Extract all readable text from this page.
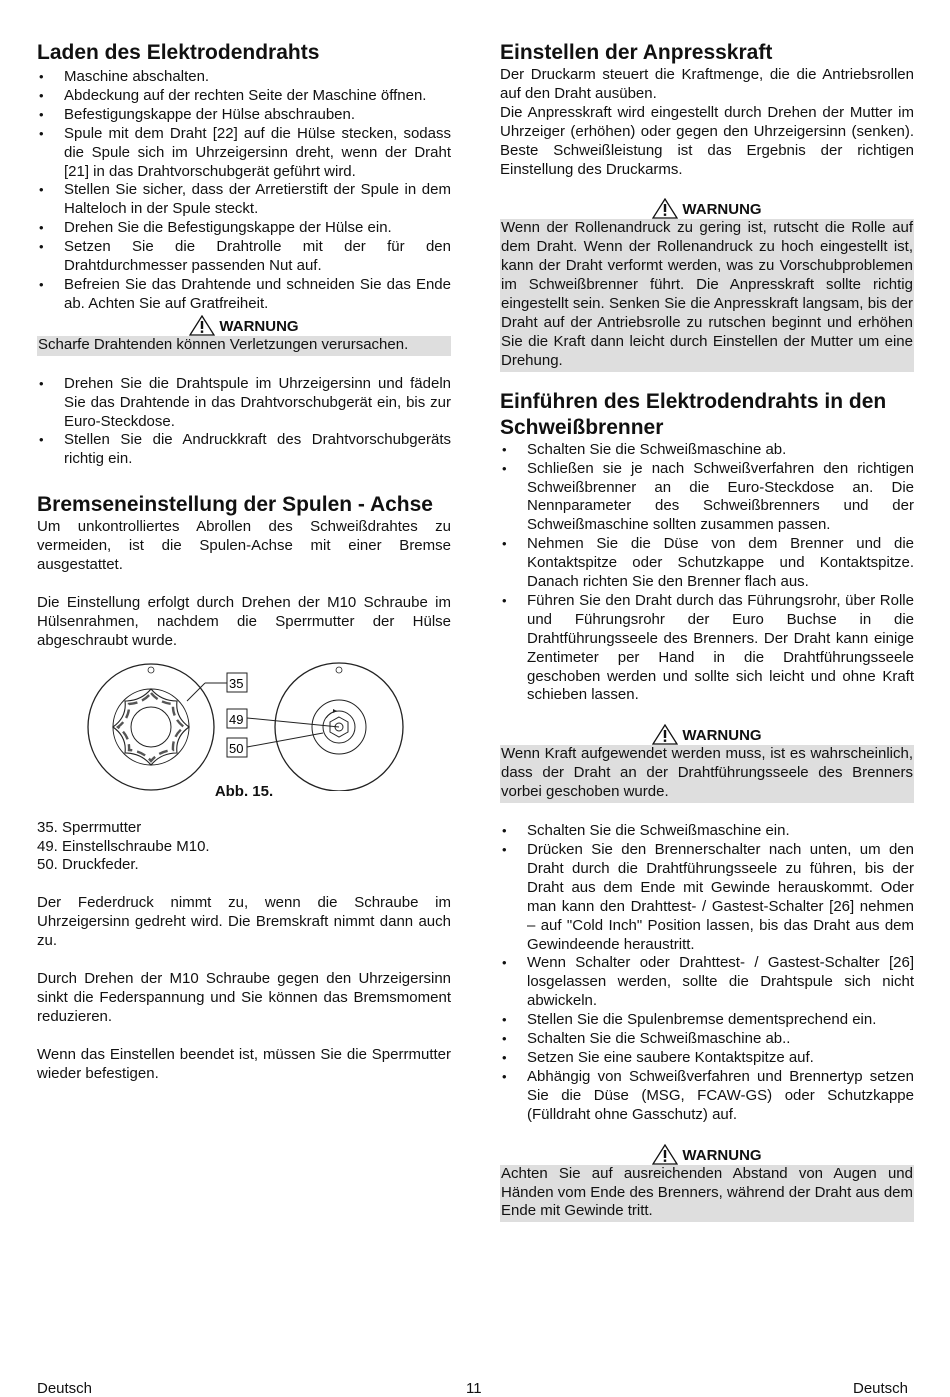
Laden des Elektrodendrahts
• Maschine abschalten.
• Abdeckung auf der rechten Seite der Maschine öffnen.
• Befestigungskappe der Hülse abschrauben.
• Spule mit dem Draht [22] auf die Hülse stecken, sodass die Spule sich im Uhrzeigersinn dreht, wenn der Draht [21] in das Drahtvorschubgerät geführt wird.
• Stellen Sie sicher, dass der Arretierstift der Spule in dem Halteloch in der Spule steckt.
• Drehen Sie die Befestigungskappe der Hülse ein.
• Setzen Sie die Drahtrolle mit der für den Drahtdurchmesser passenden Nut auf.
• Befreien Sie das Drahtende und schneiden Sie das Ende ab. Achten Sie auf Gratfreiheit.
WARNUNG
Scharfe Drahtenden können Verletzungen verursachen.
• Drehen Sie die Drahtspule im Uhrzeigersinn und fädeln Sie das Drahtende in das Drahtvorschubgerät ein, bis zur Euro-Steckdose.
• Stellen Sie die Andruckkraft des Drahtvorschubgeräts richtig ein.
Bremseneinstellung der Spulen - Achse

Um unkontrolliertes Abrollen des Schweißdrahtes zu vermeiden, ist die Spulen-Achse mit einer Bremse ausgestattet.

Die Einstellung erfolgt durch Drehen der M10 Schraube im Hülsenrahmen, nachdem die Sperrmutter der Hülse abgeschraubt wurde.

35
49
50
Abb. 15.

35. Sperrmutter

49. Einstellschraube M10.

50. Druckfeder.

Der Federdruck nimmt zu, wenn die Schraube im Uhrzeigersinn gedreht wird. Die Bremskraft nimmt dann auch zu.

Durch Drehen der M10 Schraube gegen den Uhrzeigersinn sinkt die Federspannung und Sie können das Bremsmoment reduzieren.

Wenn das Einstellen beendet ist, müssen Sie die Sperrmutter wieder befestigen.

Einstellen der Anpresskraft

Der Druckarm steuert die Kraftmenge, die die Antriebsrollen auf den Draht ausüben.

Die Anpresskraft wird eingestellt durch Drehen der Mutter im Uhrzeiger (erhöhen) oder gegen den Uhrzeigersinn (senken). Beste Schweißleistung ist das Ergebnis der richtigen Einstellung des Druckarms.

WARNUNG
Wenn der Rollenandruck zu gering ist, rutscht die Rolle auf dem Draht. Wenn der Rollenandruck zu hoch eingestellt ist, kann der Draht verformt werden, was zu Vorschubproblemen im Schweißbrenner führt. Die Anpresskraft sollte richtig eingestellt sein. Senken Sie die Anpresskraft langsam, bis der Draht auf der Antriebsrolle zu rutschen beginnt und erhöhen Sie die Kraft dann leicht durch Einstellen der Mutter um eine Drehung.
Einführen des Elektrodendrahts in den Schweißbrenner
• Schalten Sie die Schweißmaschine ab.
• Schließen sie je nach Schweißverfahren den richtigen Schweißbrenner an die Euro-Steckdose an. Die Nennparameter des Schweißbrenners und der Schweißmaschine sollten zusammen passen.
• Nehmen Sie die Düse von dem Brenner und die Kontaktspitze oder Schutzkappe und Kontaktspitze. Danach richten Sie den Brenner flach aus.
• Führen Sie den Draht durch das Führungsrohr, über Rolle und Führungsrohr der Euro Buchse in die Drahtführungsseele des Brenners. Der Draht kann einige Zentimeter per Hand in die Drahtführungsseele geschoben werden und sollte sich leicht und ohne Kraft schieben lassen.
WARNUNG
Wenn Kraft aufgewendet werden muss, ist es wahrscheinlich, dass der Draht an der Drahtführungsseele des Brenners vorbei geschoben wurde.
• Schalten Sie die Schweißmaschine ein.
• Drücken Sie den Brennerschalter nach unten, um den Draht durch die Drahtführungsseele zu führen, bis der Draht aus dem Ende mit Gewinde herauskommt. Oder man kann den Drahttest- / Gastest-Schalter [26] nehmen – auf "Cold Inch" Position lassen, bis das Draht aus dem Gewindeende heraustritt.
• Wenn Schalter oder Drahttest- / Gastest-Schalter [26] losgelassen werden, sollte die Drahtspule sich nicht abwickeln.
• Stellen Sie die Spulenbremse dementsprechend ein.
• Schalten Sie die Schweißmaschine ab..
• Setzen Sie eine saubere Kontaktspitze auf.
• Abhängig von Schweißverfahren und Brennertyp setzen Sie die Düse (MSG, FCAW-GS) oder Schutzkappe (Fülldraht ohne Gasschutz) auf.
WARNUNG
Achten Sie auf ausreichenden Abstand von Augen und Händen vom Ende des Brenners, während der Draht aus dem Ende mit Gewinde tritt.
Deutsch	11	Deutsch
